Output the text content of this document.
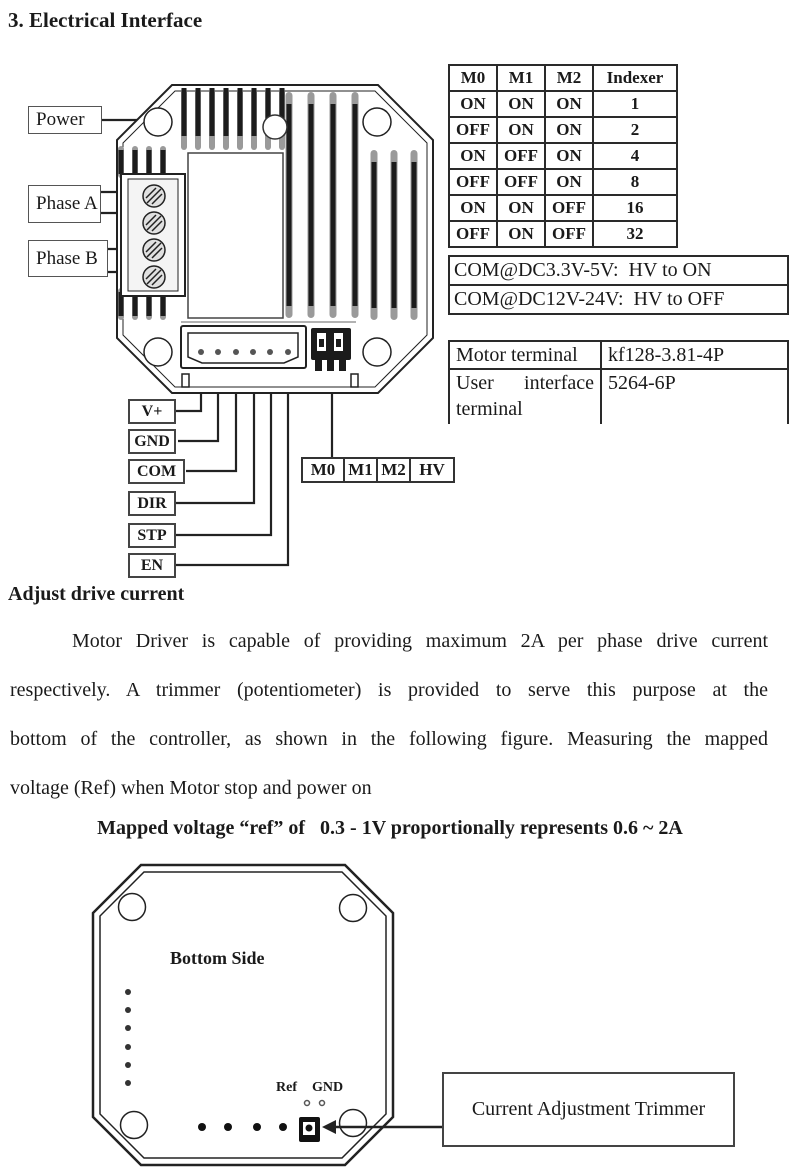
3. Electrical Interface
Power
Phase A
Phase B
V+
GND
COM
DIR
STP
EN
M0 M1 M2 HV
M0	M1	M2	Indexer
ON	ON	ON	1
OFF	ON	ON	2
ON	OFF	ON	4
OFF	OFF	ON	8
ON	ON	OFF	16
OFF	ON	OFF	32
COM@DC3.3V-5V:  HV to ON
COM@DC12V-24V:  HV to OFF
Motor terminal	kf128-3.81-4P
User interface terminal	5264-6P
Adjust drive current
Motor Driver is capable of providing maximum 2A per phase drive current
respectively. A trimmer (potentiometer) is provided to serve this purpose at the
bottom of the controller, as shown in the following figure. Measuring the mapped
voltage (Ref) when Motor stop and power on
Mapped voltage “ref” of   0.3 - 1V proportionally represents 0.6 ~ 2A
Bottom Side
Ref GND
Current Adjustment Trimmer
